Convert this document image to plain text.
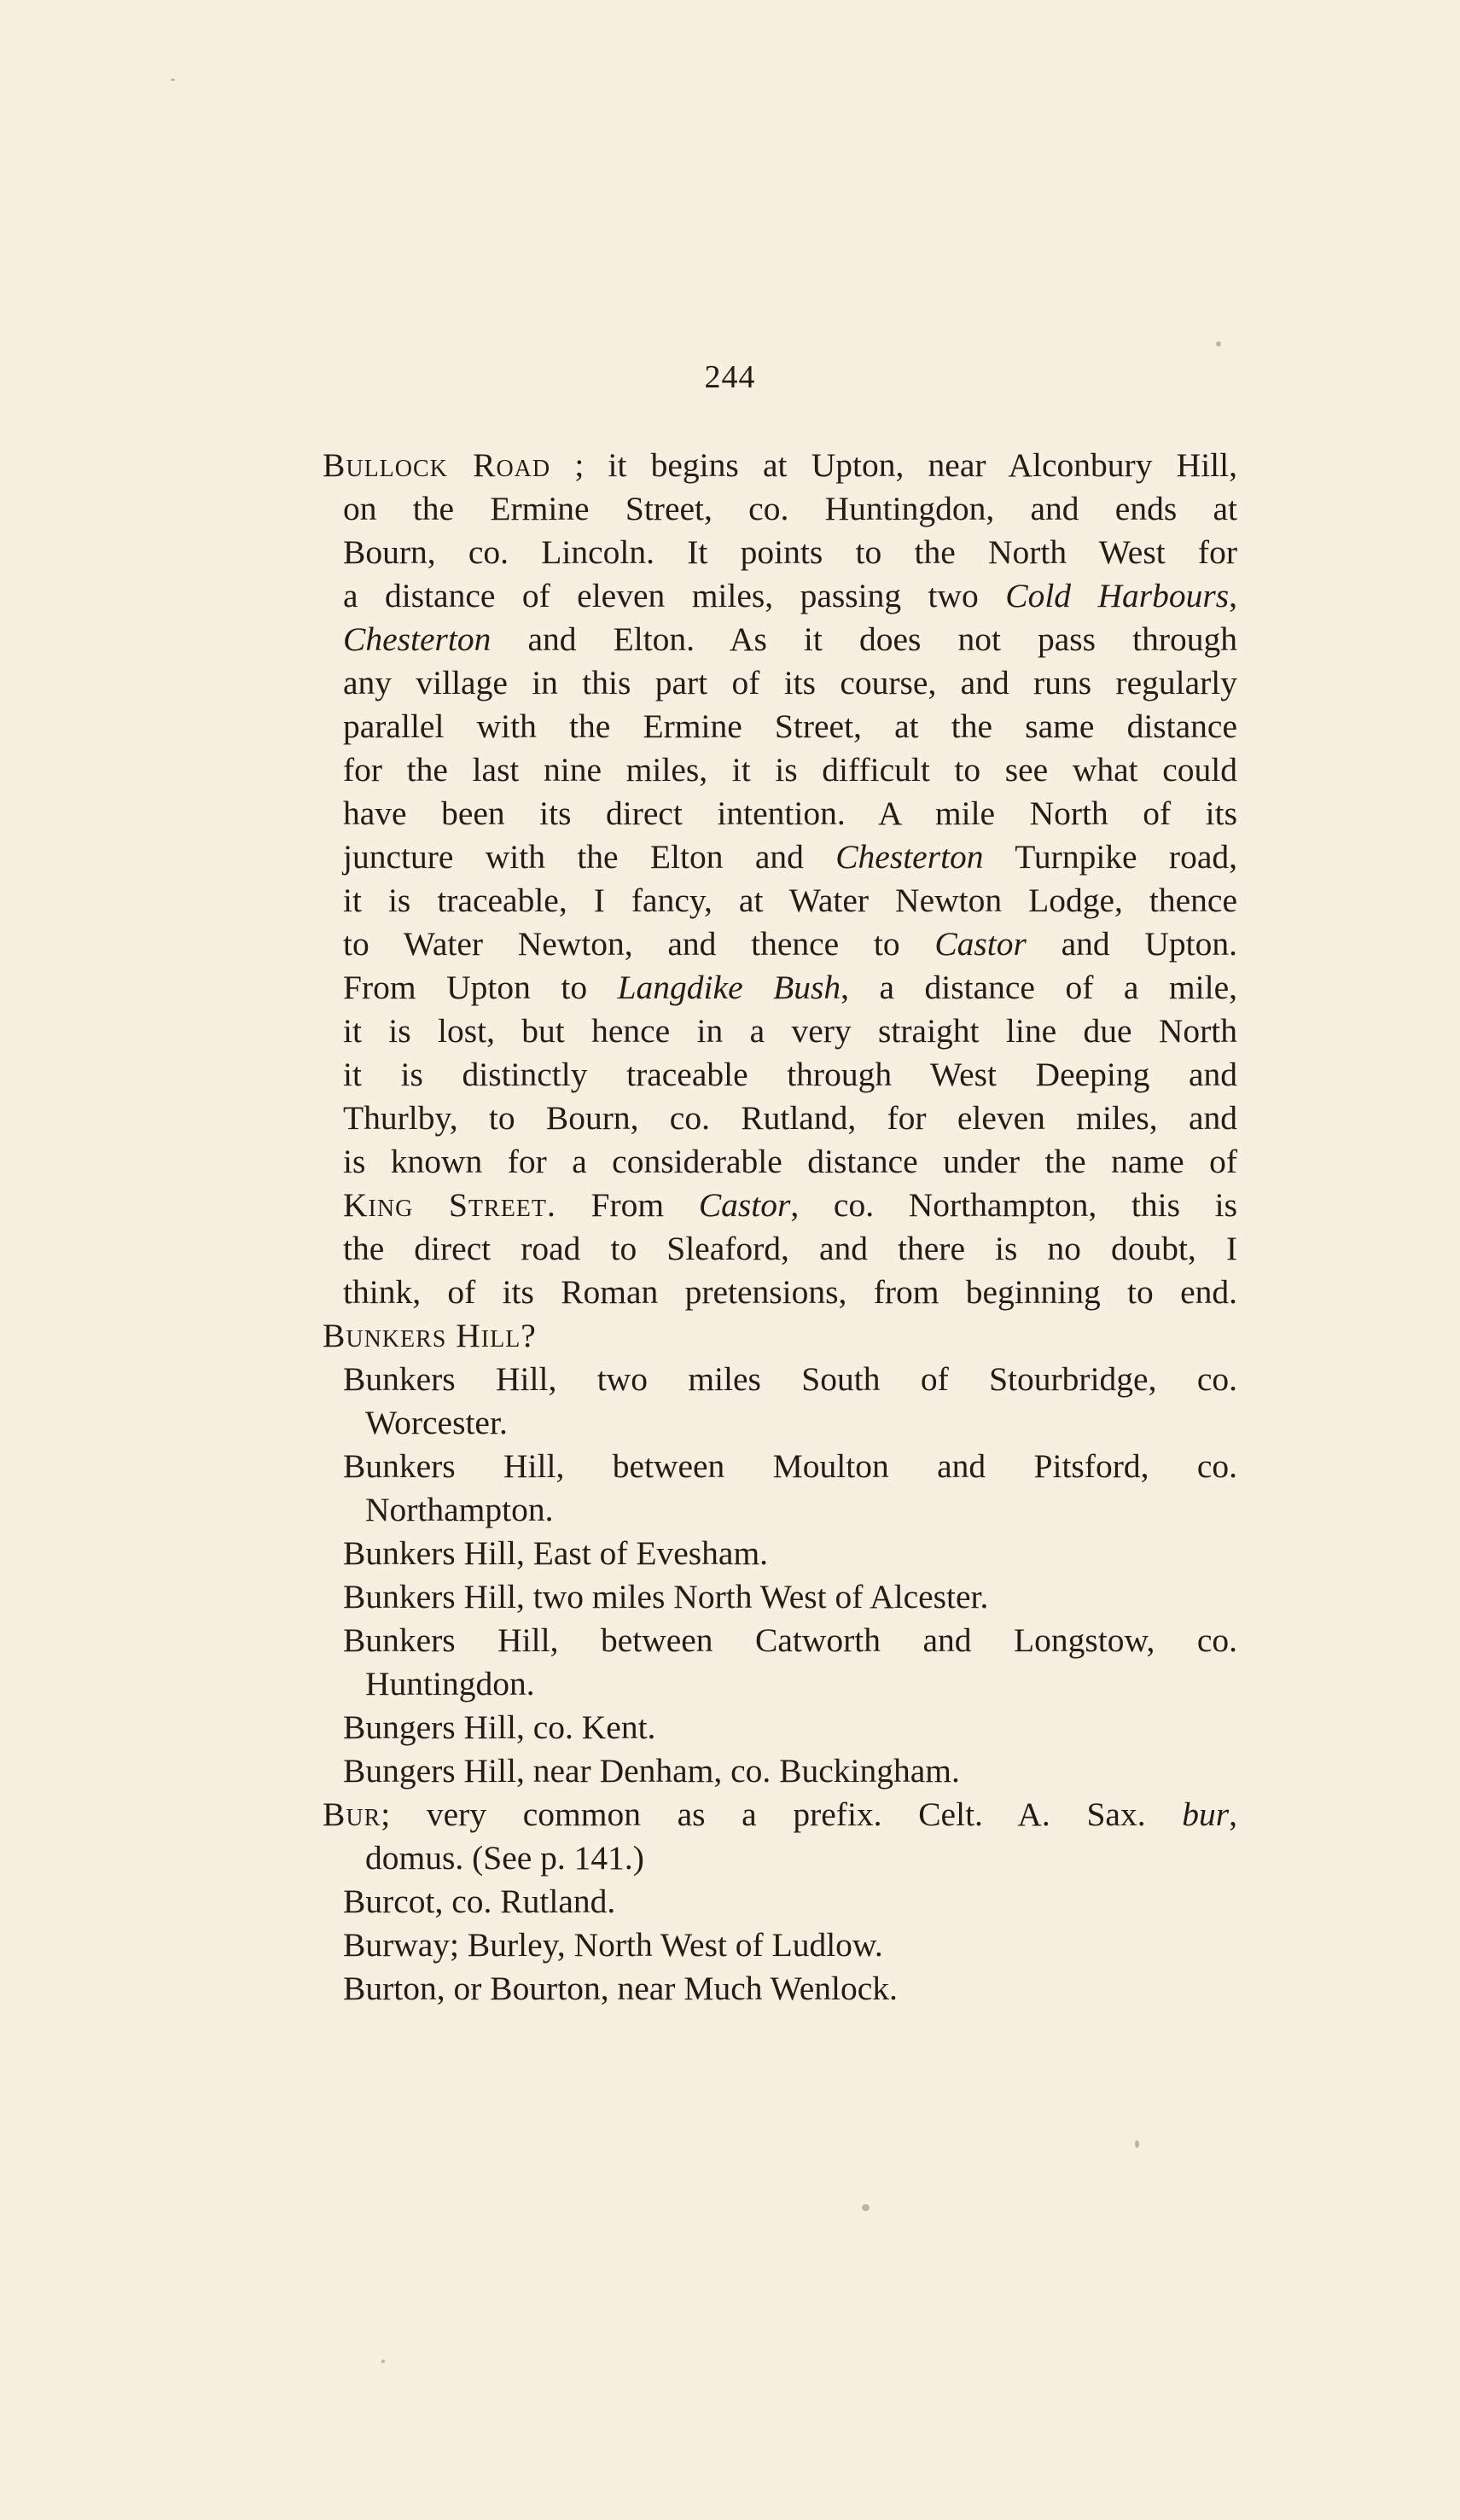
244
Bullock Road ; it begins at Upton, near Alconbury Hill,
on the Ermine Street, co. Huntingdon, and ends at
Bourn, co. Lincoln. It points to the North West for
a distance of eleven miles, passing two Cold Harbours,
Chesterton and Elton. As it does not pass through
any village in this part of its course, and runs regularly
parallel with the Ermine Street, at the same distance
for the last nine miles, it is difficult to see what could
have been its direct intention. A mile North of its
juncture with the Elton and Chesterton Turnpike road,
it is traceable, I fancy, at Water Newton Lodge, thence
to Water Newton, and thence to Castor and Upton.
From Upton to Langdike Bush, a distance of a mile,
it is lost, but hence in a very straight line due North
it is distinctly traceable through West Deeping and
Thurlby, to Bourn, co. Rutland, for eleven miles, and
is known for a considerable distance under the name of
King Street. From Castor, co. Northampton, this is
the direct road to Sleaford, and there is no doubt, I
think, of its Roman pretensions, from beginning to end.
Bunkers Hill?
Bunkers Hill, two miles South of Stourbridge, co.
Worcester.
Bunkers Hill, between Moulton and Pitsford, co.
Northampton.
Bunkers Hill, East of Evesham.
Bunkers Hill, two miles North West of Alcester.
Bunkers Hill, between Catworth and Longstow, co.
Huntingdon.
Bungers Hill, co. Kent.
Bungers Hill, near Denham, co. Buckingham.
Bur; very common as a prefix. Celt. A. Sax. bur,
domus. (See p. 141.)
Burcot, co. Rutland.
Burway; Burley, North West of Ludlow.
Burton, or Bourton, near Much Wenlock.
